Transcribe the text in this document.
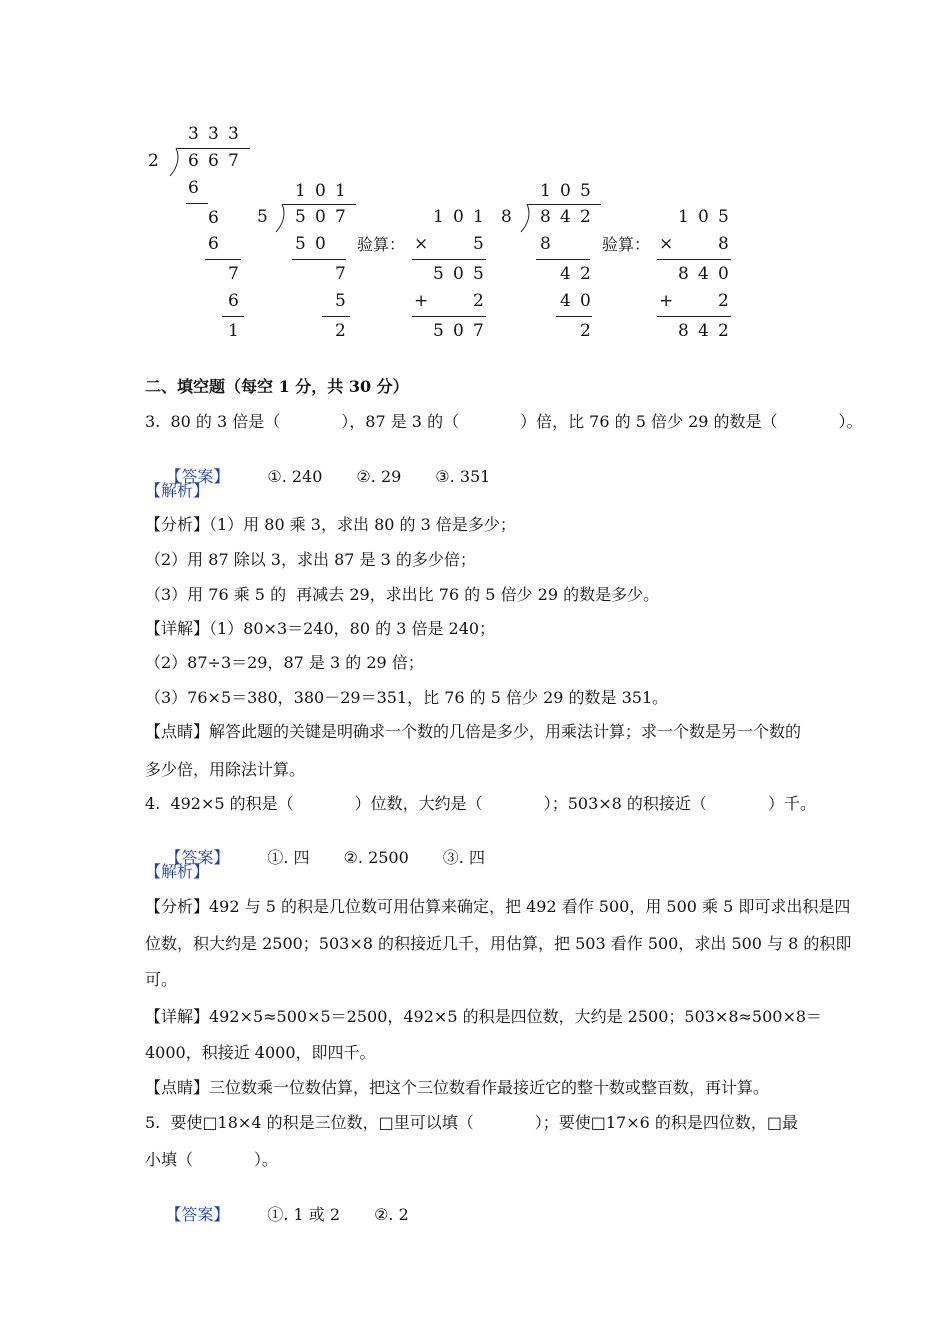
3 3 3
2 6 6 7
6
6
6
7
6
1
1 0 1
5 5 0 7
5 0
7
5
2
验算：
1 0 1
×	5
5 0 5
+	2
5 0 7
1 0 5
8 8 4 2
8
4 2
4 0
2
验算：
1 0 5
×	8
8 4 0
+	2
8 4 2
二、填空题（每空 1 分，共 30 分）
3.  80 的 3 倍是（            ），87 是 3 的（            ）倍，比 76 的 5 倍少 29 的数是（            ）。

【答案】 ①. 240 ②. 29 ③. 351

【解析】
【分析】（1）用 80 乘 3，求出 80 的 3 倍是多少；
（2）用 87 除以 3，求出 87 是 3 的多少倍；
（3）用 76 乘 5 的  再减去 29，求出比 76 的 5 倍少 29 的数是多少。
【详解】（1）80×3＝240，80 的 3 倍是 240；
（2）87÷3＝29，87 是 3 的 29 倍；
（3）76×5＝380，380－29＝351，比 76 的 5 倍少 29 的数是 351。
【点睛】解答此题的关键是明确求一个数的几倍是多少，用乘法计算；求一个数是另一个数的
多少倍，用除法计算。
4.  492×5 的积是（            ）位数，大约是（            ）；503×8 的积接近（            ）千。

【答案】 ①. 四 ②. 2500 ③. 四

【解析】
【分析】492 与 5 的积是几位数可用估算来确定，把 492 看作 500，用 500 乘 5 即可求出积是四
位数，积大约是 2500；503×8 的积接近几千，用估算，把 503 看作 500，求出 500 与 8 的积即
可。
【详解】492×5≈500×5＝2500，492×5 的积是四位数，大约是 2500；503×8≈500×8＝
4000，积接近 4000，即四千。
【点睛】三位数乘一位数估算，把这个三位数看作最接近它的整十数或整百数，再计算。
5.  要使□18×4 的积是三位数，□里可以填（            ）；要使□17×6 的积是四位数，□最
小填（            ）。

【答案】 ①. 1 或 2 ②. 2
